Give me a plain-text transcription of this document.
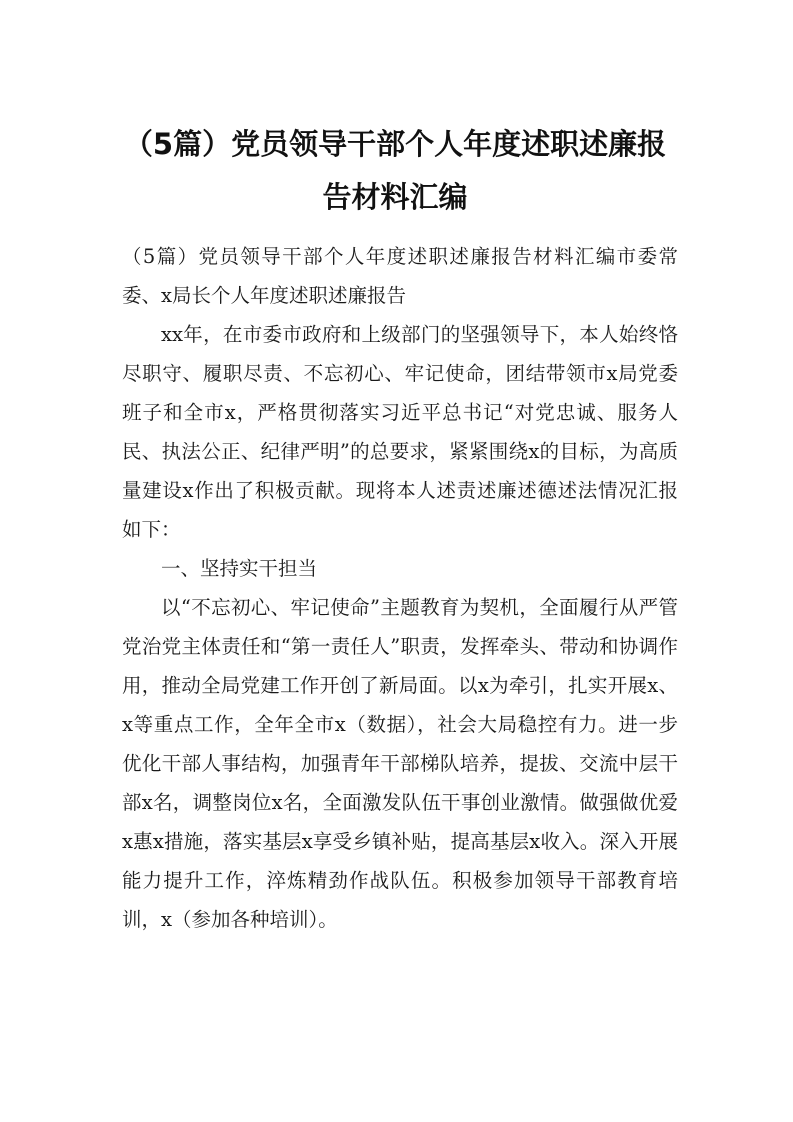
（5篇）党员领导干部个人年度述职述廉报告材料汇编

（5篇）党员领导干部个人年度述职述廉报告材料汇编市委常委、x局长个人年度述职述廉报告

xx年，在市委市政府和上级部门的坚强领导下，本人始终恪尽职守、履职尽责、不忘初心、牢记使命，团结带领市x局党委班子和全市x，严格贯彻落实习近平总书记“对党忠诚、服务人民、执法公正、纪律严明”的总要求，紧紧围绕x的目标，为高质量建设x作出了积极贡献。现将本人述责述廉述德述法情况汇报如下：

一、坚持实干担当

以“不忘初心、牢记使命”主题教育为契机，全面履行从严管党治党主体责任和“第一责任人”职责，发挥牵头、带动和协调作用，推动全局党建工作开创了新局面。以x为牵引，扎实开展x、x等重点工作，全年全市x（数据），社会大局稳控有力。进一步优化干部人事结构，加强青年干部梯队培养，提拔、交流中层干部x名，调整岗位x名，全面激发队伍干事创业激情。做强做优爱x惠x措施，落实基层x享受乡镇补贴，提高基层x收入。深入开展能力提升工作，淬炼精劲作战队伍。积极参加领导干部教育培训，x（参加各种培训）。
